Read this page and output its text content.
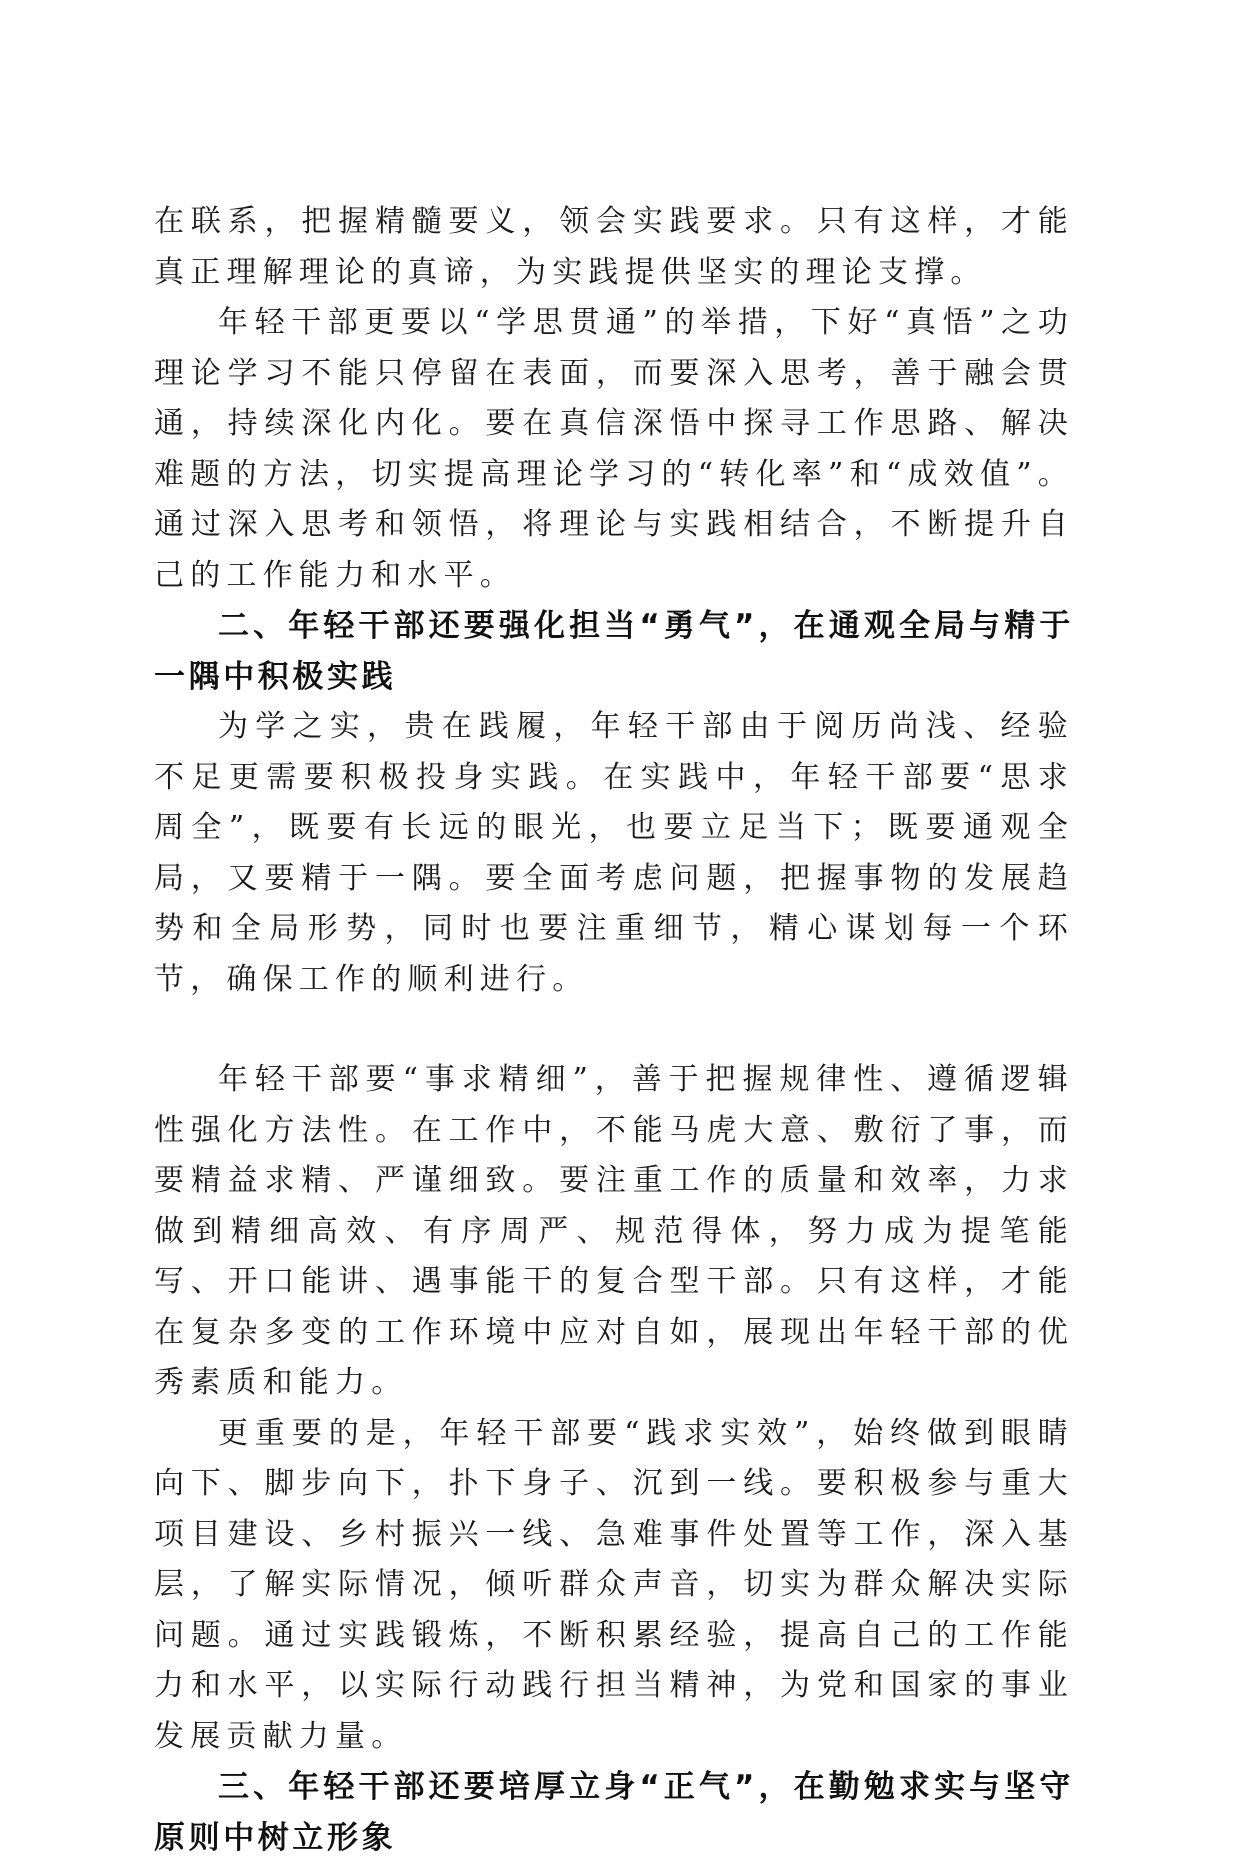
在联系，把握精髓要义，领会实践要求。只有这样，才能真正理解理论的真谛，为实践提供坚实的理论支撑。

年轻干部更要以“学思贯通”的举措，下好“真悟”之功理论学习不能只停留在表面，而要深入思考，善于融会贯通，持续深化内化。要在真信深悟中探寻工作思路、解决难题的方法，切实提高理论学习的“转化率”和“成效值”。通过深入思考和领悟，将理论与实践相结合，不断提升自己的工作能力和水平。

二、年轻干部还要强化担当“勇气”，在通观全局与精于一隅中积极实践

为学之实，贵在践履，年轻干部由于阅历尚浅、经验不足更需要积极投身实践。在实践中，年轻干部要“思求周全”，既要有长远的眼光，也要立足当下；既要通观全局，又要精于一隅。要全面考虑问题，把握事物的发展趋势和全局形势，同时也要注重细节，精心谋划每一个环节，确保工作的顺利进行。

年轻干部要“事求精细”，善于把握规律性、遵循逻辑性强化方法性。在工作中，不能马虎大意、敷衍了事，而要精益求精、严谨细致。要注重工作的质量和效率，力求做到精细高效、有序周严、规范得体，努力成为提笔能写、开口能讲、遇事能干的复合型干部。只有这样，才能在复杂多变的工作环境中应对自如，展现出年轻干部的优秀素质和能力。

更重要的是，年轻干部要“践求实效”，始终做到眼睛向下、脚步向下，扑下身子、沉到一线。要积极参与重大项目建设、乡村振兴一线、急难事件处置等工作，深入基层，了解实际情况，倾听群众声音，切实为群众解决实际问题。通过实践锻炼，不断积累经验，提高自己的工作能力和水平，以实际行动践行担当精神，为党和国家的事业发展贡献力量。

三、年轻干部还要培厚立身“正气”，在勤勉求实与坚守原则中树立形象
